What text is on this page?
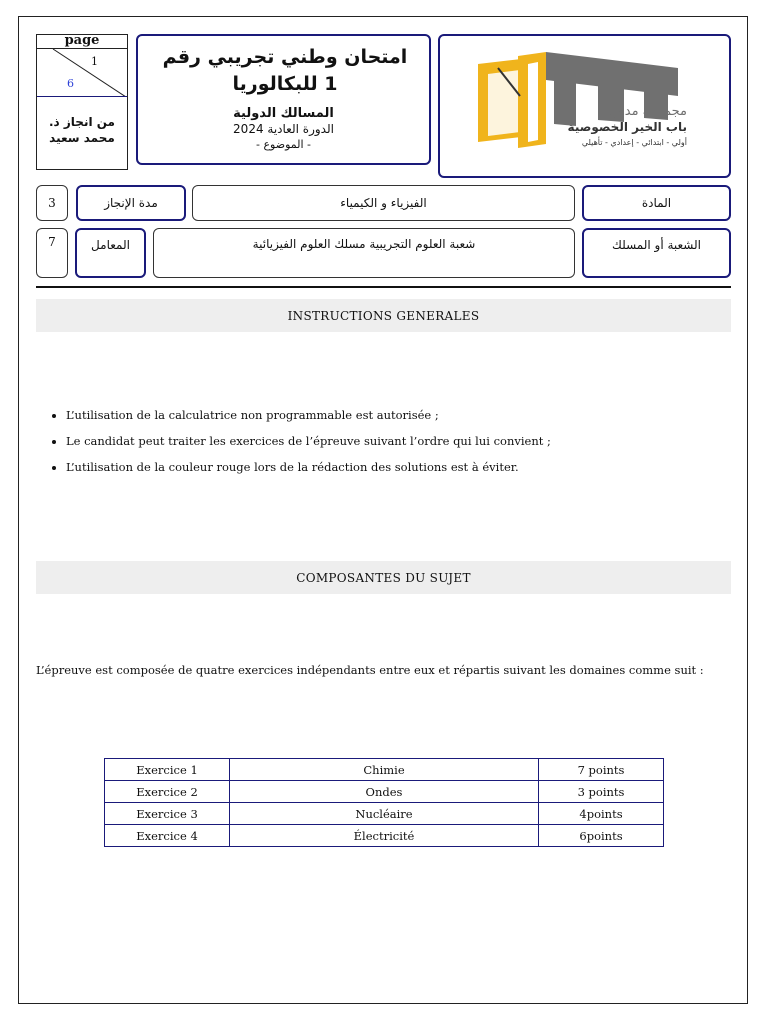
page
1
6
من انجاز ذ.
محمد سعيد
امتحان وطني تجريبي رقم 1 للبكالوريا
المسالك الدولية
الدورة العادية 2024
- الموضوع -
مجموعة مدارس
باب الخير الخصوصية
أولي - ابتدائي - إعدادي - تأهيلي
3	مدة الإنجاز	الفيزياء و الكيمياء	المادة
7	المعامل	شعبة العلوم التجريبية مسلك العلوم الفيزيائية	الشعبة أو المسلك
INSTRUCTIONS GENERALES
• L’utilisation de la calculatrice non programmable est autorisée ;
• Le candidat peut traiter les exercices de l’épreuve suivant l’ordre qui lui convient ;
• L’utilisation de la couleur rouge lors de la rédaction des solutions est à éviter.
COMPOSANTES DU SUJET
L’épreuve est composée de quatre exercices indépendants entre eux et répartis suivant les domaines comme suit :
Exercice 1	Chimie	7 points
Exercice 2	Ondes	3 points
Exercice 3	Nucléaire	4points
Exercice 4	Électricité	6points
